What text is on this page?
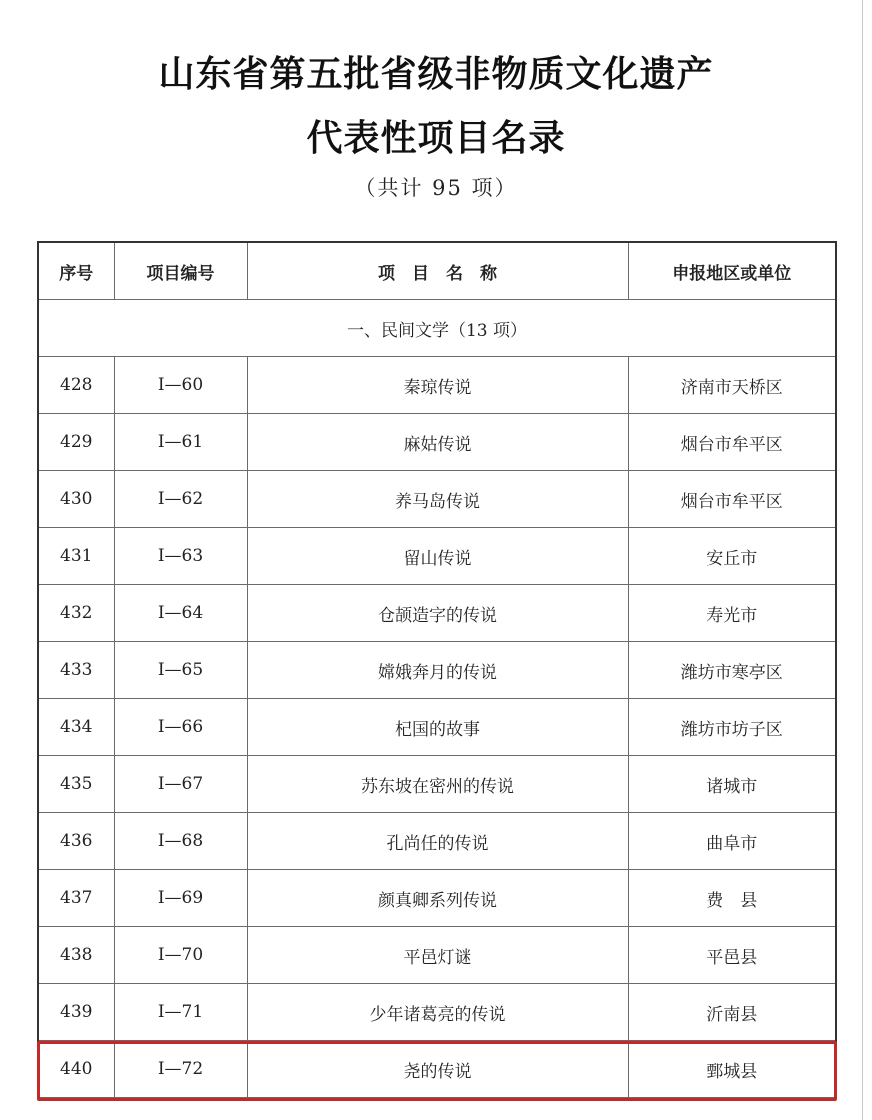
山东省第五批省级非物质文化遗产
代表性项目名录
（共计 95 项）
序号	项目编号	项　目　名　称	申报地区或单位
一、民间文学（13 项）			
428	Ⅰ—60	秦琼传说	济南市天桥区
429	Ⅰ—61	麻姑传说	烟台市牟平区
430	Ⅰ—62	养马岛传说	烟台市牟平区
431	Ⅰ—63	留山传说	安丘市
432	Ⅰ—64	仓颉造字的传说	寿光市
433	Ⅰ—65	嫦娥奔月的传说	潍坊市寒亭区
434	Ⅰ—66	杞国的故事	潍坊市坊子区
435	Ⅰ—67	苏东坡在密州的传说	诸城市
436	Ⅰ—68	孔尚任的传说	曲阜市
437	Ⅰ—69	颜真卿系列传说	费　县
438	Ⅰ—70	平邑灯谜	平邑县
439	Ⅰ—71	少年诸葛亮的传说	沂南县
440	Ⅰ—72	尧的传说	鄄城县
